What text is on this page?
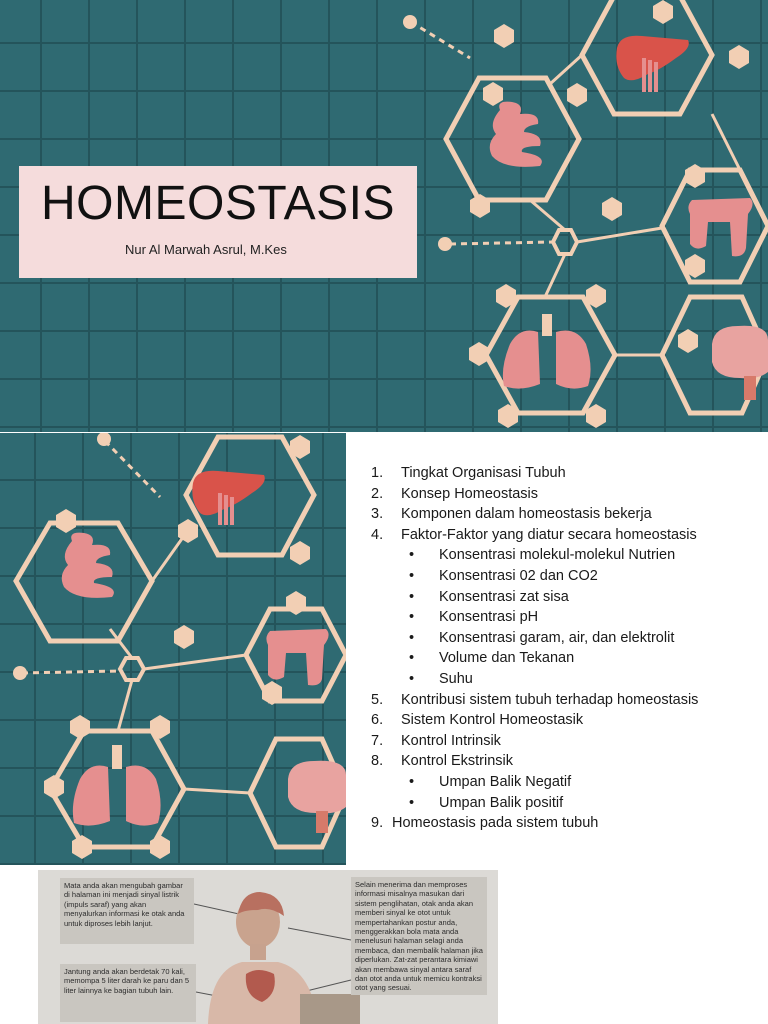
HOMEOSTASIS
Nur Al Marwah Asrul, M.Kes
1.	Tingkat Organisasi Tubuh
2.	Konsep Homeostasis
3.	Komponen dalam homeostasis bekerja
4.	Faktor-Faktor yang diatur secara homeostasis
•	Konsentrasi molekul-molekul Nutrien
•	Konsentrasi 02 dan CO2
•	Konsentrasi zat sisa
•	Konsentrasi pH
•	Konsentrasi garam, air, dan elektrolit
•	Volume dan Tekanan
•	Suhu
5.	Kontribusi sistem tubuh terhadap homeostasis
6.	Sistem Kontrol Homeostasik
7.	Kontrol Intrinsik
8.	Kontrol Ekstrinsik
•	Umpan Balik Negatif
•	Umpan Balik positif
9. Homeostasis pada sistem tubuh
Mata anda akan mengubah gambar di halaman ini menjadi sinyal listrik (impuls saraf) yang akan menyalurkan informasi ke otak anda untuk diproses lebih lanjut.
Jantung anda akan berdetak 70 kali, memompa 5 liter darah ke paru dan 5 liter lainnya ke bagian tubuh lain.
Selain menerima dan memproses informasi misalnya masukan dari sistem penglihatan, otak anda akan memberi sinyal ke otot untuk mempertahankan postur anda, menggerakkan bola mata anda menelusuri halaman selagi anda membaca, dan membalik halaman jika diperlukan. Zat-zat perantara kimiawi akan membawa sinyal antara saraf dan otot anda untuk memicu kontraksi otot yang sesuai.
